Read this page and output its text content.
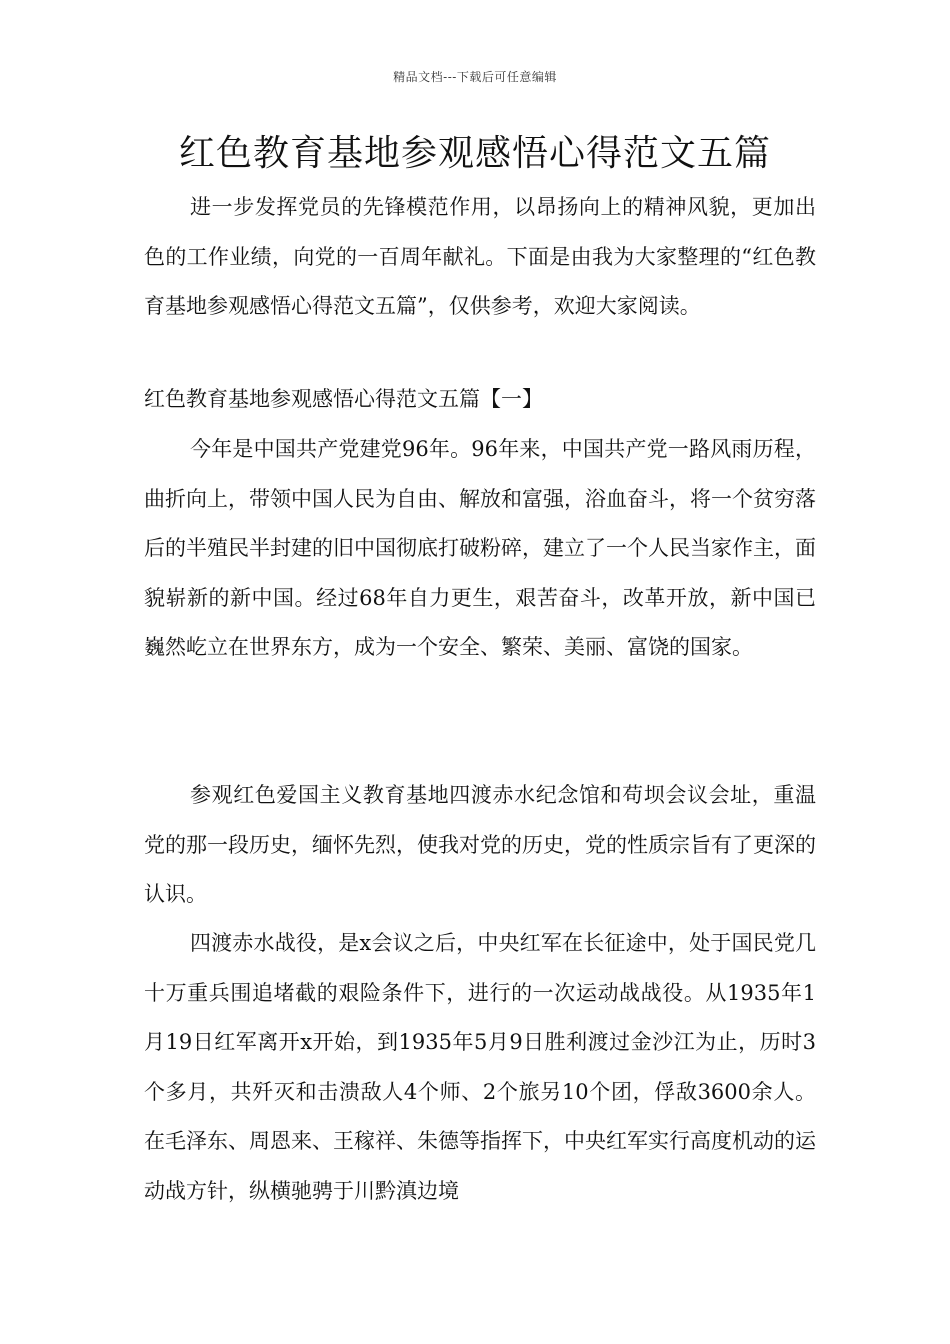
精品文档---下载后可任意编辑
红色教育基地参观感悟心得范文五篇

进一步发挥党员的先锋模范作用，以昂扬向上的精神风貌，更加出色的工作业绩，向党的一百周年献礼。下面是由我为大家整理的“红色教育基地参观感悟心得范文五篇”，仅供参考，欢迎大家阅读。

红色教育基地参观感悟心得范文五篇【一】

今年是中国共产党建党96年。96年来，中国共产党一路风雨历程，曲折向上，带领中国人民为自由、解放和富强，浴血奋斗，将一个贫穷落后的半殖民半封建的旧中国彻底打破粉碎，建立了一个人民当家作主，面貌崭新的新中国。经过68年自力更生，艰苦奋斗，改革开放，新中国已巍然屹立在世界东方，成为一个安全、繁荣、美丽、富饶的国家。

参观红色爱国主义教育基地四渡赤水纪念馆和苟坝会议会址，重温党的那一段历史，缅怀先烈，使我对党的历史，党的性质宗旨有了更深的认识。

四渡赤水战役，是x会议之后，中央红军在长征途中，处于国民党几十万重兵围追堵截的艰险条件下，进行的一次运动战战役。从1935年1月19日红军离开x开始，到1935年5月9日胜利渡过金沙江为止，历时3个多月，共歼灭和击溃敌人4个师、2个旅另10个团，俘敌3600余人。在毛泽东、周恩来、王稼祥、朱德等指挥下，中央红军实行高度机动的运动战方针，纵横驰骋于川黔滇边境
